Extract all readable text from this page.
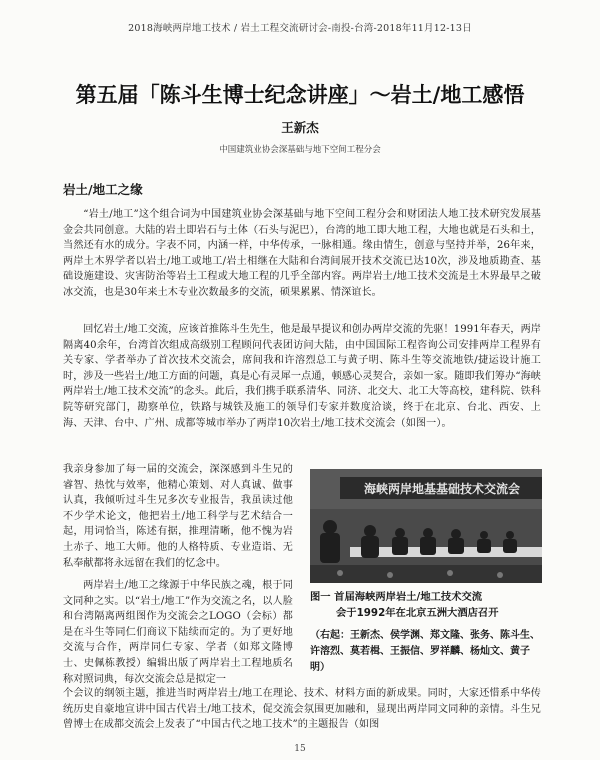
2018海峡两岸地工技术 / 岩土工程交流研讨会-南投-台湾-2018年11月12-13日
第五届「陈斗生博士纪念讲座」～岩土/地工感悟
王新杰
中国建筑业协会深基础与地下空间工程分会
岩土/地工之缘

“岩土/地工”这个组合词为中国建筑业协会深基础与地下空间工程分会和财团法人地工技术研究发展基金会共同创意。大陆的岩土即岩石与土体（石头与泥巴），台湾的地工即大地工程，大地也就是石头和土，当然还有水的成分。字表不同，内涵一样，中华传承，一脉相通。缘由情生，创意与坚持并举，26年来，两岸土木界学者以岩土/地工或地工/岩土相继在大陆和台湾间展开技术交流已达10次，涉及地质勘查、基础设施建设、灾害防治等岩土工程或大地工程的几乎全部内容。两岸岩土/地工技术交流是土木界最早之破冰交流，也是30年来土木专业次数最多的交流，硕果累累、情深谊长。

回忆岩土/地工交流，应该首推陈斗生先生，他是最早提议和创办两岸交流的先驱！1991年春天，两岸隔离40余年，台湾首次组成高级别工程顾问代表团访问大陆，由中国国际工程咨询公司安排两岸工程界有关专家、学者举办了首次技术交流会，席间我和许溶烈总工与黄子明、陈斗生等交流地铁/捷运设计施工时，涉及一些岩土/地工方面的问题，真是心有灵犀一点通，顿感心灵契合，亲如一家。随即我们筹办“海峡两岸岩土/地工技术交流”的念头。此后，我们携手联系清华、同济、北交大、北工大等高校，建科院、铁科院等研究部门，勘察单位，铁路与城铁及施工的领导们专家并数度洽谈，终于在北京、台北、西安、上海、天津、台中、广州、成都等城市举办了两岸10次岩土/地工技术交流会（如图一）。

我亲身参加了每一届的交流会，深深感到斗生兄的睿智、热忱与效率，他精心策划、对人真诚、做事认真，我倾听过斗生兄多次专业报告，我虽读过他不少学术论文，他把岩土/地工科学与艺术结合一起，用词恰当，陈述有据，推理清晰，他不愧为岩土赤子、地工大师。他的人格特质、专业造诣、无私奉献都将永远留在我们的忆念中。

两岸岩土/地工之缘源于中华民族之魂，根于同文同种之实。以“岩土/地工”作为交流之名，以人脸和台湾隔离两组图作为交流会之LOGO（会标）都是在斗生等同仁们商议下陆续而定的。为了更好地交流与合作，两岸同仁专家、学者（如郑文隆博士、史佩栋教授）编辑出版了两岸岩土工程地质名称对照词典，每次交流会总是拟定一

个会议的纲领主题，推进当时两岸岩土/地工在理论、技术、材料方面的新成果。同时，大家还惜系中华传统历史自豪地宣讲中国古代岩土/地工技术，促交流会氛围更加融和，显现出两岸同文同种的亲情。斗生兄曾博士在成都交流会上发表了“中国古代之地工技术”的主题报告（如图

海峡两岸地基基础技术交流会
图一 首届海峡两岸岩土/地工技术交流
会于1992年在北京五洲大酒店召开
（右起：王新杰、侯学渊、郑文隆、张务、陈斗生、许溶烈、莫若楫、王振信、罗祥麟、杨灿文、黄子明）
15
